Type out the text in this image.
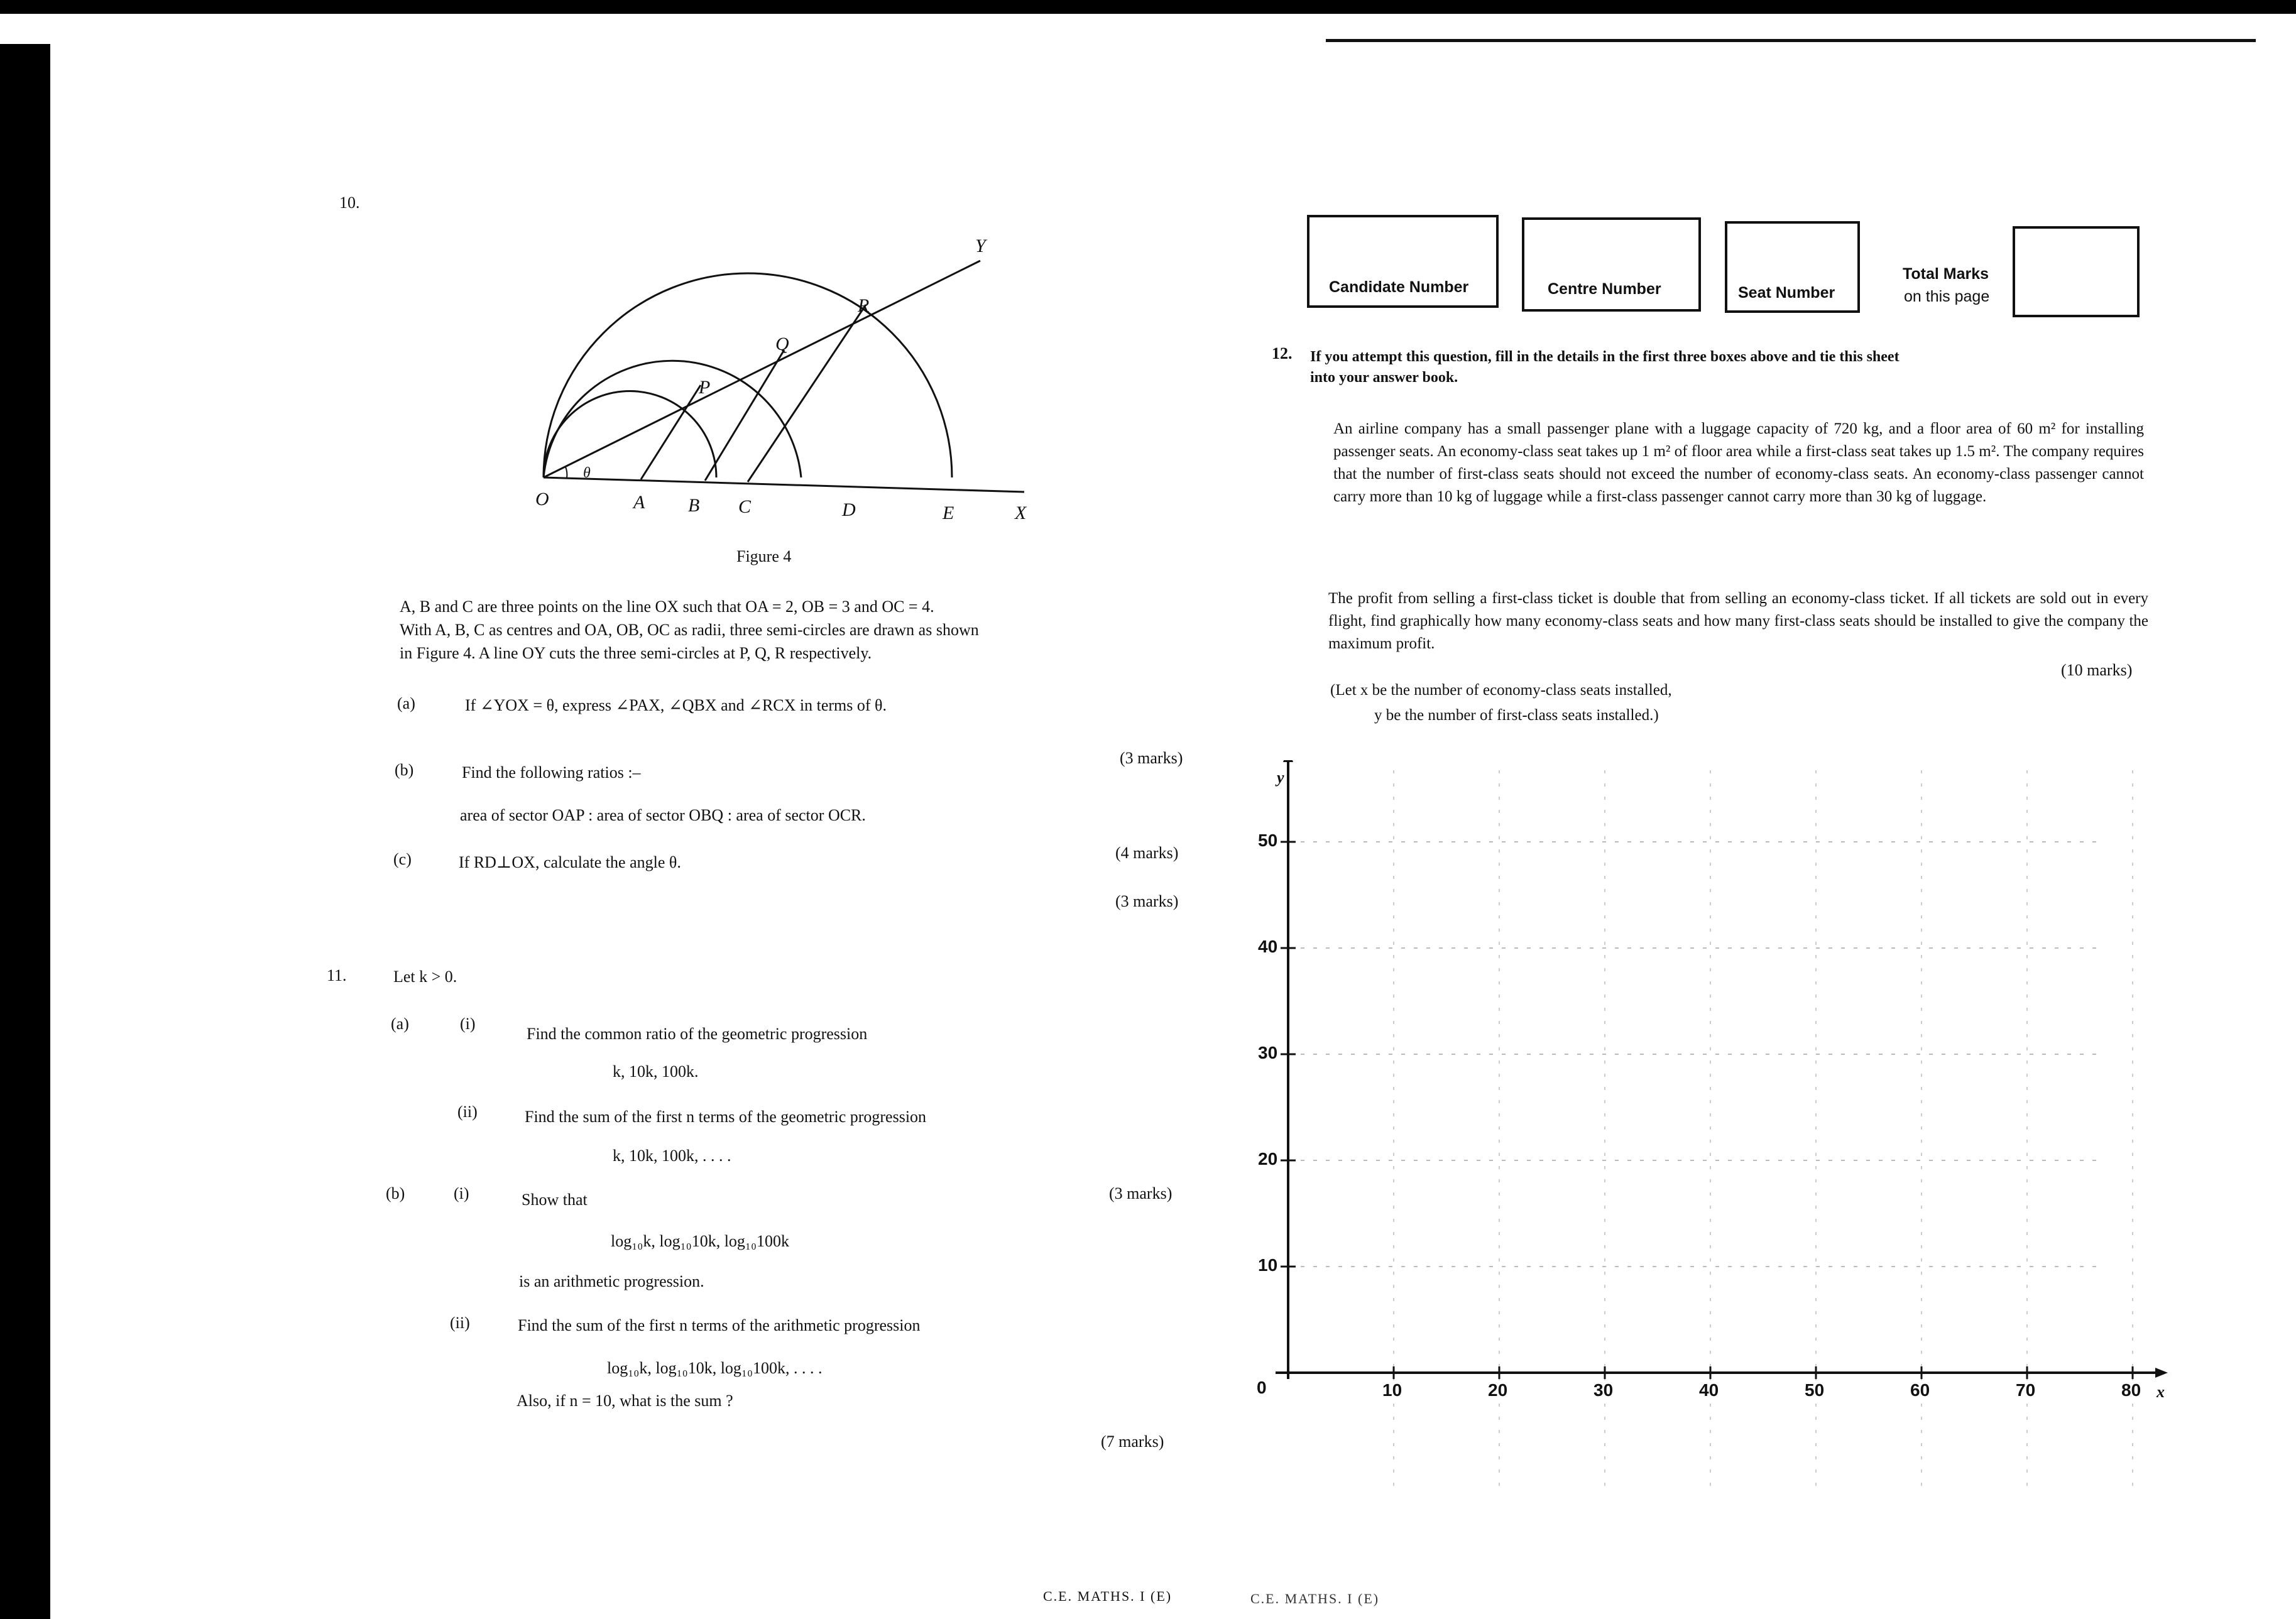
10.
O	A B C	D	E	X
Y
P
Q
R
θ
Figure 4
A, B and C are three points on the line OX such that OA = 2, OB = 3 and OC = 4.
With A, B, C as centres and OA, OB, OC as radii, three semi-circles are drawn as shown
in Figure 4. A line OY cuts the three semi-circles at P, Q, R respectively.
(a)	If ∠YOX = θ, express ∠PAX, ∠QBX and ∠RCX in terms of θ.
(3 marks)
(b)	Find the following ratios :–
area of sector OAP : area of sector OBQ : area of sector OCR.
(4 marks)
(c)	If RD⊥OX, calculate the angle θ.
(3 marks)
11.	Let k > 0.
(a)	(i)
Find the common ratio of the geometric progression
k, 10k, 100k.
(ii)	Find the sum of the first n terms of the geometric progression
k, 10k, 100k, . . . .
(3 marks)
(b)	(i)	Show that
log₁₀k, log₁₀10k, log₁₀100k
is an arithmetic progression.
(ii)	Find the sum of the first n terms of the arithmetic progression
log₁₀k, log₁₀10k, log₁₀100k, . . . .
Also, if n = 10, what is the sum ?
(7 marks)
Candidate Number	Centre Number	Seat Number
Total Marks
on this page
12. If you attempt this question, fill in the details in the first three boxes above and tie this sheet
into your answer book.
An airline company has a small passenger plane with a luggage capacity of 720 kg, and a floor area of 60 m² for installing passenger seats. An economy-class seat takes up 1 m² of floor area while a first-class seat takes up 1.5 m². The company requires that the number of first-class seats should not exceed the number of economy-class seats. An economy-class passenger cannot carry more than 10 kg of luggage while a first-class passenger cannot carry more than 30 kg of luggage.
The profit from selling a first-class ticket is double that from selling an economy-class ticket. If all tickets are sold out in every flight, find graphically how many economy-class seats and how many first-class seats should be installed to give the company the maximum profit.
(10 marks)
(Let x be the number of economy-class seats installed,
y be the number of first-class seats installed.)
y
x
0	10	20	30	40	50	60	70	80
10
20
30
40
50
C.E. MATHS. I (E)	C.E. MATHS. I (E)
